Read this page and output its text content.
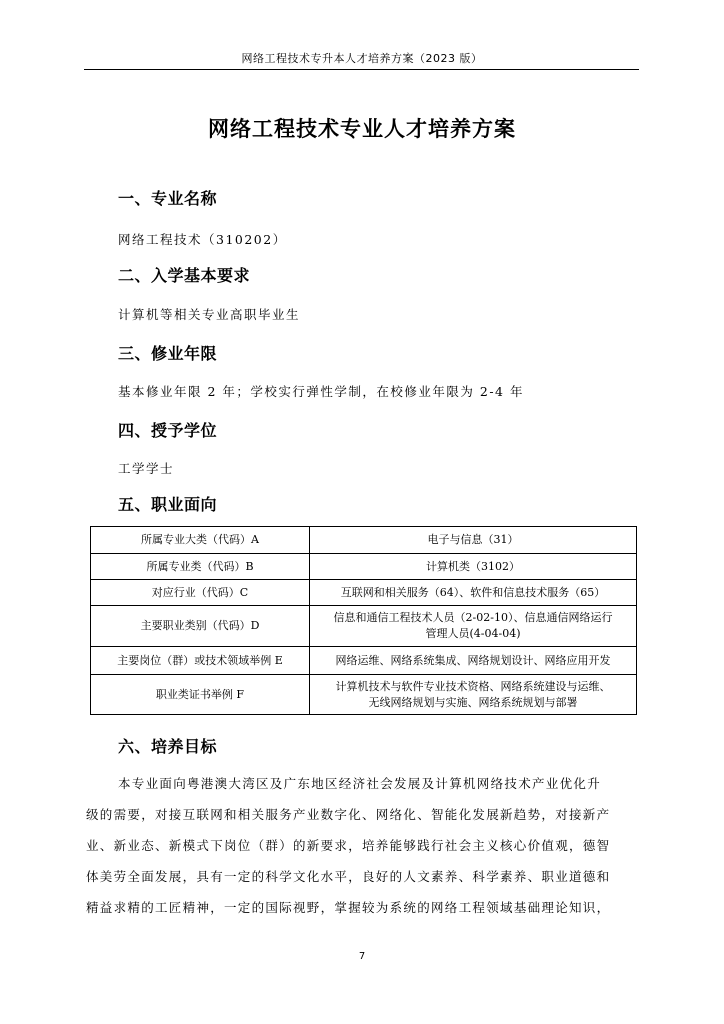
网络工程技术专升本人才培养方案（2023 版）
网络工程技术专业人才培养方案
一、专业名称
网络工程技术（310202）
二、入学基本要求
计算机等相关专业高职毕业生
三、修业年限
基本修业年限 2 年；学校实行弹性学制，在校修业年限为 2-4 年
四、授予学位
工学学士
五、职业面向
所属专业大类（代码）A	电子与信息（31）
所属专业类（代码）B	计算机类（3102）
对应行业（代码）C	互联网和相关服务（64）、软件和信息技术服务（65）
主要职业类别（代码）D	信息和通信工程技术人员（2-02-10）、信息通信网络运行
管理人员(4-04-04)
主要岗位（群）或技术领域举例 E	网络运维、网络系统集成、网络规划设计、网络应用开发
职业类证书举例 F	计算机技术与软件专业技术资格、网络系统建设与运维、
无线网络规划与实施、网络系统规划与部署
六、培养目标
本专业面向粤港澳大湾区及广东地区经济社会发展及计算机网络技术产业优化升
级的需要，对接互联网和相关服务产业数字化、网络化、智能化发展新趋势，对接新产
业、新业态、新模式下岗位（群）的新要求，培养能够践行社会主义核心价值观，德智
体美劳全面发展，具有一定的科学文化水平，良好的人文素养、科学素养、职业道德和
精益求精的工匠精神，一定的国际视野，掌握较为系统的网络工程领域基础理论知识，
7
